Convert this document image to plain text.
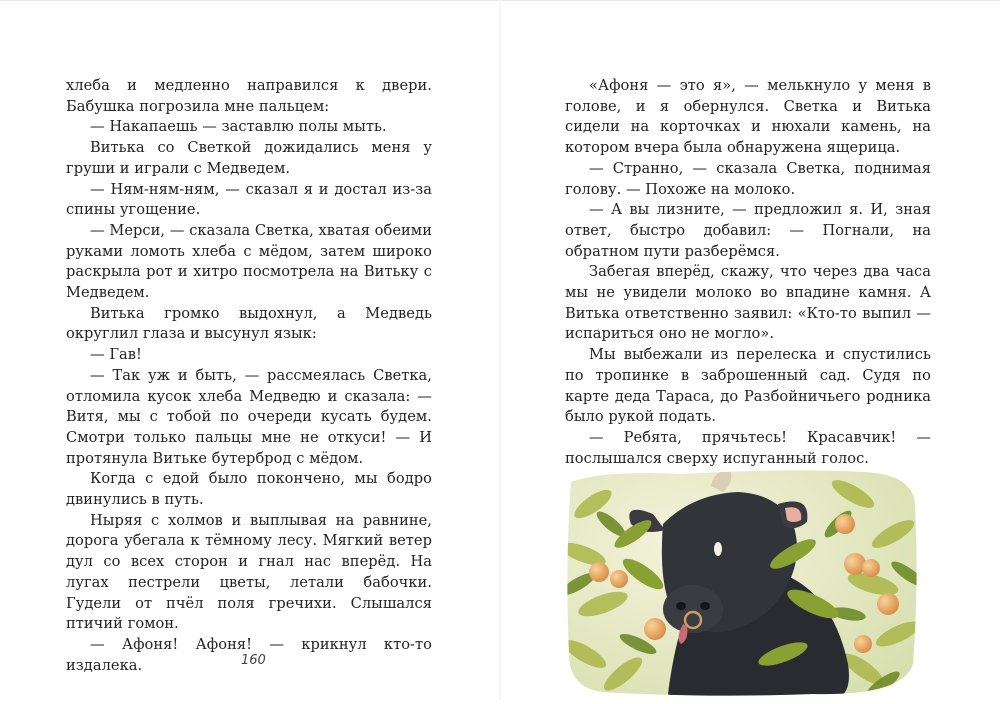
хлеба и медленно направился к двери. Бабушка погрозила мне пальцем:

— Накапаешь — заставлю полы мыть.

Витька со Светкой дожидались меня у груши и играли с Медведем.

— Ням-ням-ням, — сказал я и достал из-за спины угощение.

— Мерси, — сказала Светка, хватая обеими руками ломоть хлеба с мёдом, затем широко раскрыла рот и хитро посмотрела на Витьку с Медведем.

Витька громко выдохнул, а Медведь округлил глаза и высунул язык:

— Гав!

— Так уж и быть, — рассмеялась Светка, отломила кусок хлеба Медведю и сказала: — Витя, мы с тобой по очереди кусать будем. Смотри только пальцы мне не откуси! — И протянула Витьке бутерброд с мёдом.

Когда с едой было покончено, мы бодро двинулись в путь.

Ныряя с холмов и выплывая на равнине, дорога убегала к тёмному лесу. Мягкий ветер дул со всех сторон и гнал нас вперёд. На лугах пестрели цветы, летали бабочки. Гудели от пчёл поля гречихи. Слышался птичий гомон.

— Афоня! Афоня! — крикнул кто-то издалека.	160

«Афоня — это я», — мелькнуло у меня в голове, и я обернулся. Светка и Витька сидели на корточках и нюхали камень, на котором вчера была обнаружена ящерица.

— Странно, — сказала Светка, поднимая голову. — Похоже на молоко.

— А вы лизните, — предложил я. И, зная ответ, быстро добавил: — Погнали, на обратном пути разберёмся.

Забегая вперёд, скажу, что через два часа мы не увидели молоко во впадине камня. А Витька ответственно заявил: «Кто-то выпил — испариться оно не могло».

Мы выбежали из перелеска и спустились по тропинке в заброшенный сад. Судя по карте деда Тараса, до Разбойничьего родника было рукой подать.

— Ребята, прячьтесь! Красавчик! — послышался сверху испуганный голос.
